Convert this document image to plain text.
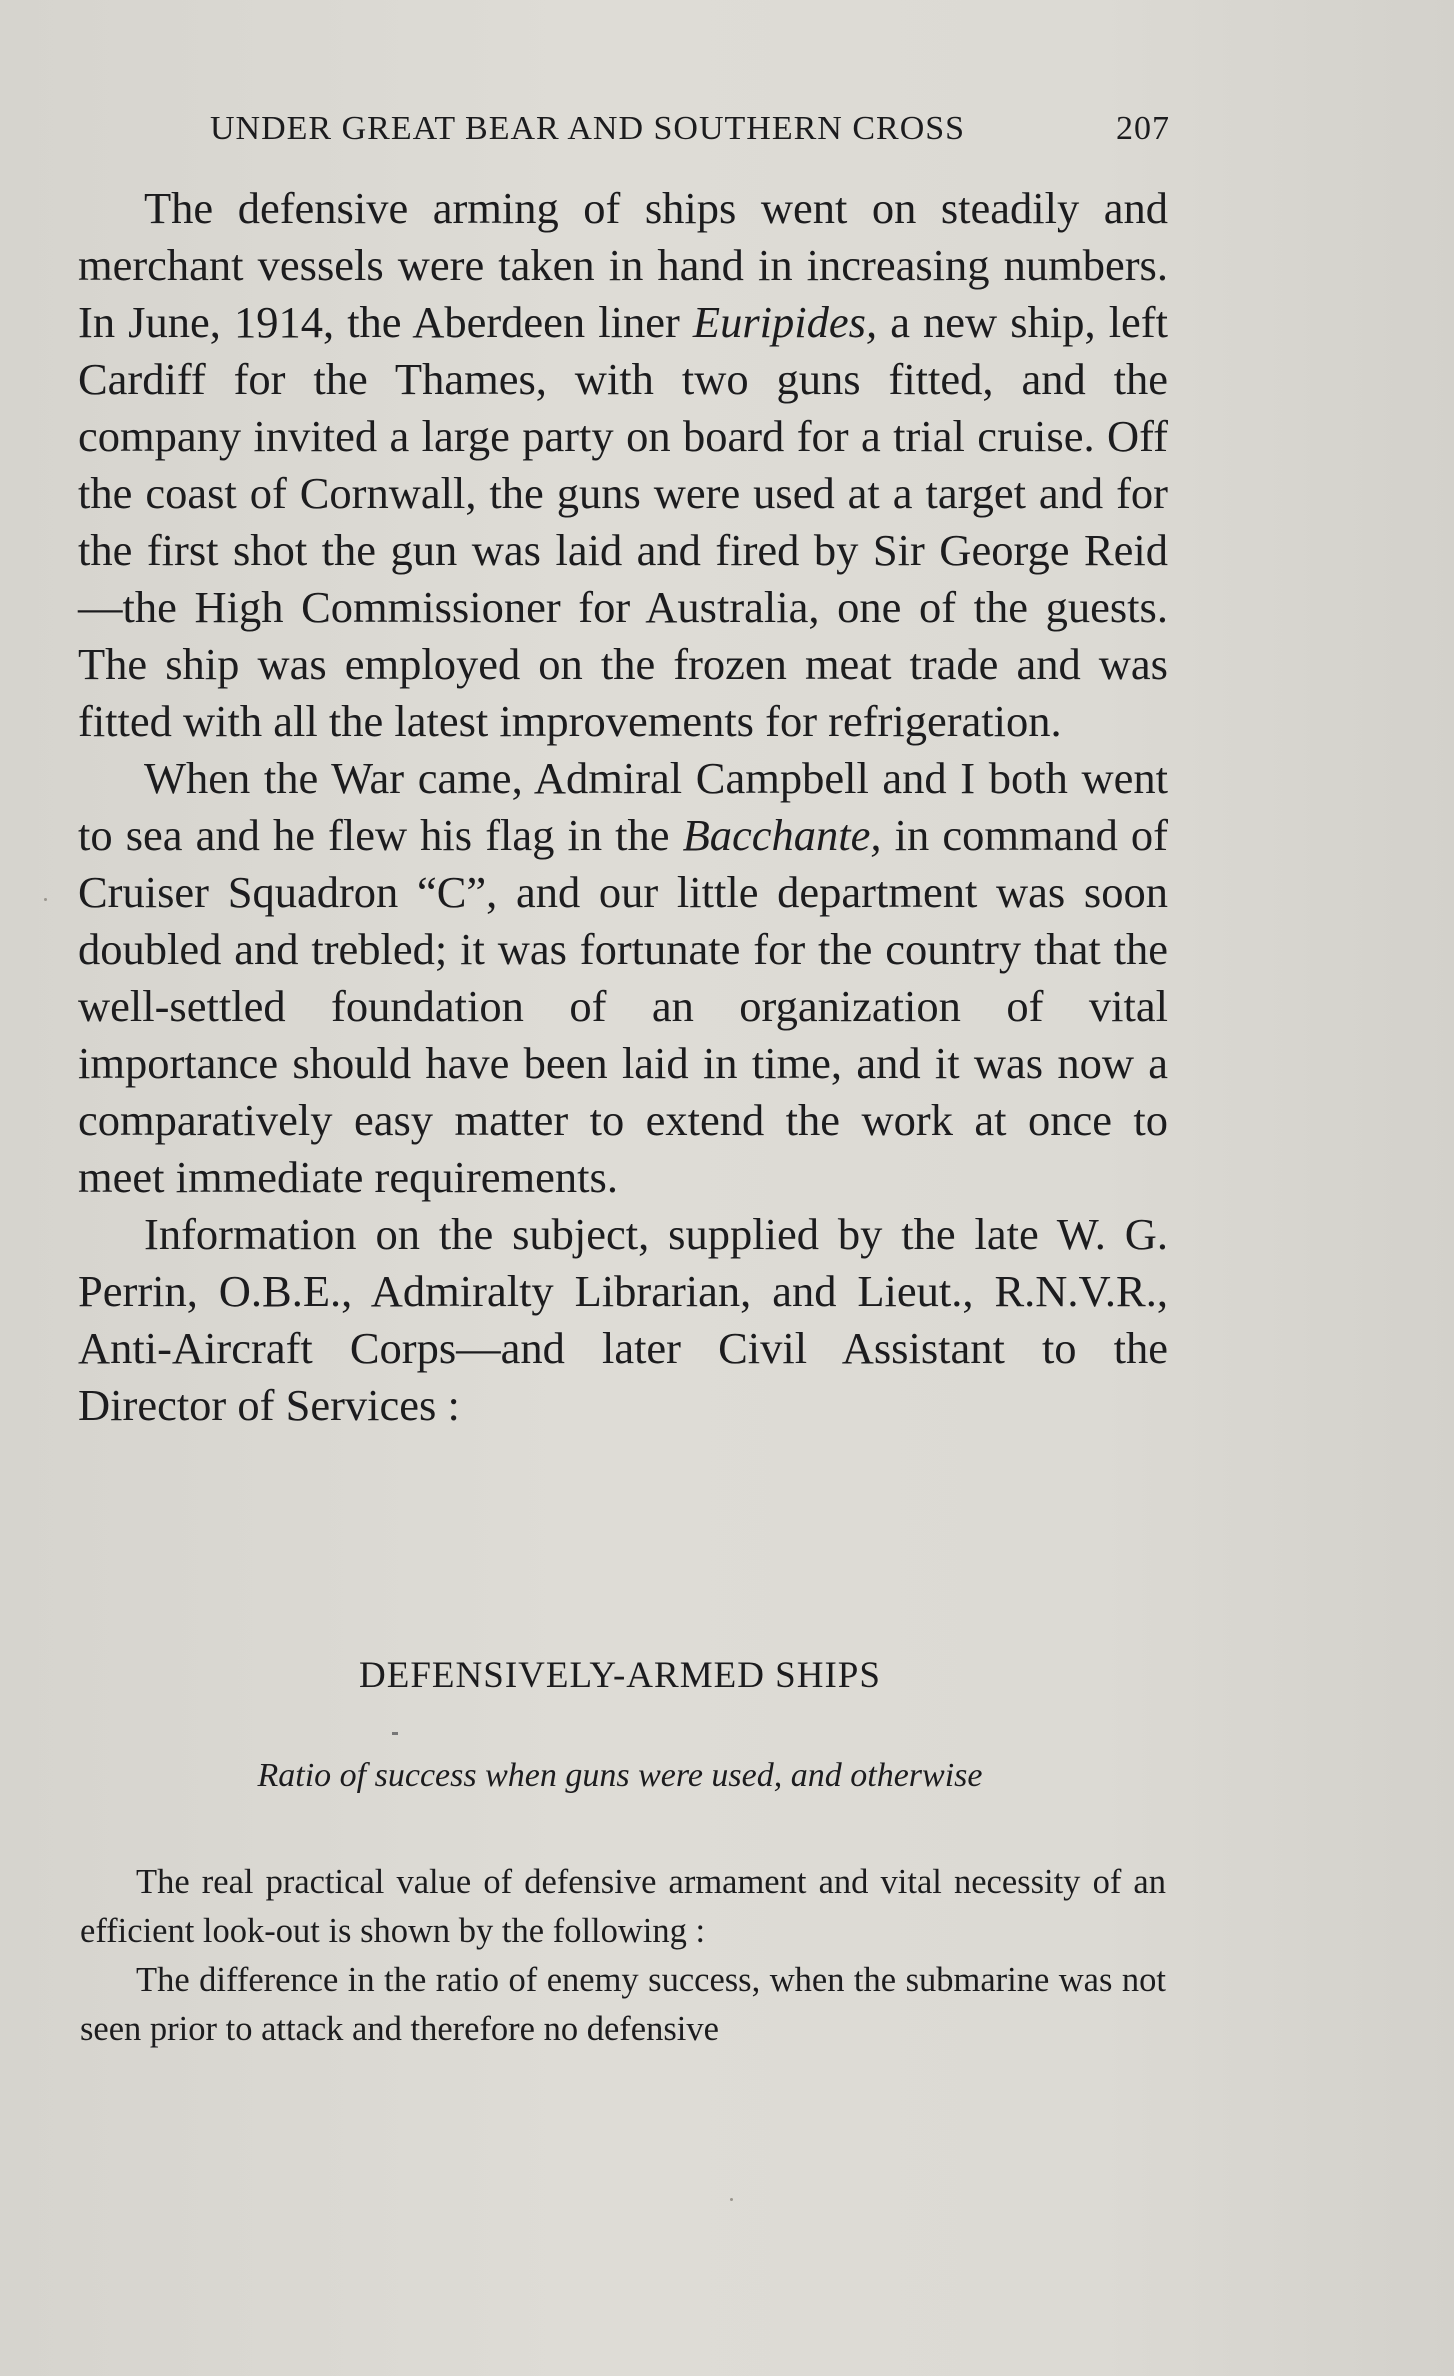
UNDER GREAT BEAR AND SOUTHERN CROSS	207

The defensive arming of ships went on steadily and merchant vessels were taken in hand in increasing numbers. In June, 1914, the Aberdeen liner Euripides, a new ship, left Cardiff for the Thames, with two guns fitted, and the company invited a large party on board for a trial cruise. Off the coast of Cornwall, the guns were used at a target and for the first shot the gun was laid and fired by Sir George Reid—the High Commissioner for Australia, one of the guests. The ship was employed on the frozen meat trade and was fitted with all the latest improvements for refrigeration.

When the War came, Admiral Campbell and I both went to sea and he flew his flag in the Bacchante, in command of Cruiser Squadron “C”, and our little department was soon doubled and trebled; it was fortunate for the country that the well-settled foundation of an organization of vital importance should have been laid in time, and it was now a comparatively easy matter to extend the work at once to meet immediate requirements.

Information on the subject, supplied by the late W. G. Perrin, O.B.E., Admiralty Librarian, and Lieut., R.N.V.R., Anti-Aircraft Corps—and later Civil Assistant to the Director of Services :

DEFENSIVELY-ARMED SHIPS
Ratio of success when guns were used, and otherwise

The real practical value of defensive armament and vital necessity of an efficient look-out is shown by the following :

The difference in the ratio of enemy success, when the submarine was not seen prior to attack and therefore no defensive
